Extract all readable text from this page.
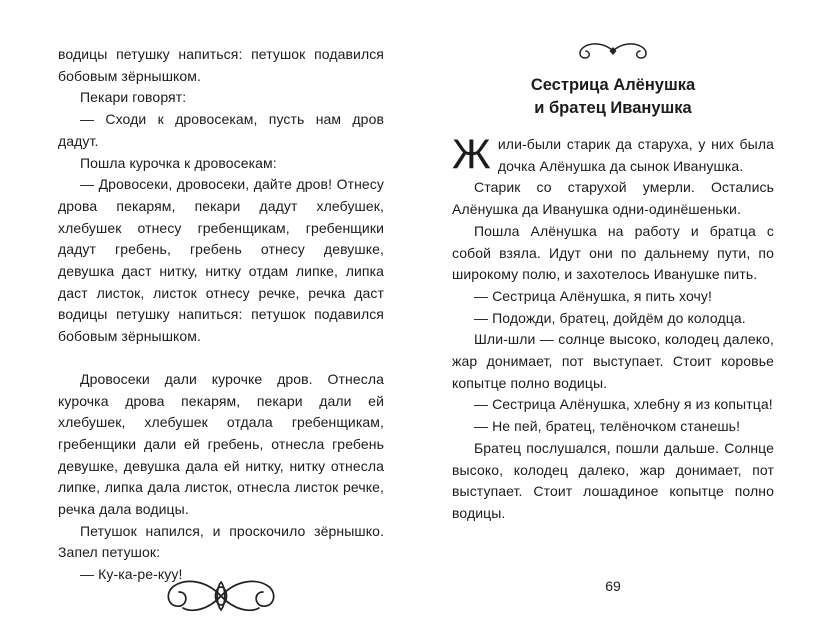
водицы петушку напиться: петушок подавился бобовым зёрнышком.

Пекари говорят:

— Сходи к дровосекам, пусть нам дров дадут.

Пошла курочка к дровосекам:

— Дровосеки, дровосеки, дайте дров! Отнесу дрова пекарям, пекари дадут хлебушек, хлебушек отнесу гребенщикам, гребенщики дадут гребень, гребень отнесу девушке, девушка даст нитку, нитку отдам липке, липка даст листок, листок отнесу речке, речка даст водицы петушку напиться: петушок подавился бобовым зёрнышком.

Дровосеки дали курочке дров. Отнесла курочка дрова пекарям, пекари дали ей хлебушек, хлебушек отдала гребенщикам, гребенщики дали ей гребень, отнесла гребень девушке, девушка дала ей нитку, нитку отнесла липке, липка дала листок, отнесла листок речке, речка дала водицы.

Петушок напился, и проскочило зёрнышко. Запел петушок:

— Ку-ка-ре-куу!

Сестрица Алёнушка
и братец Иванушка

Жили-были старик да старуха, у них была дочка Алёнушка да сынок Иванушка.

Старик со старухой умерли. Остались Алёнушка да Иванушка одни-одинёшеньки.

Пошла Алёнушка на работу и братца с собой взяла. Идут они по дальнему пути, по широкому полю, и захотелось Иванушке пить.

— Сестрица Алёнушка, я пить хочу!

— Подожди, братец, дойдём до колодца.

Шли-шли — солнце высоко, колодец далеко, жар донимает, пот выступает. Стоит коровье копытце полно водицы.

— Сестрица Алёнушка, хлебну я из копытца!

— Не пей, братец, телёночком станешь!

Братец послушался, пошли дальше. Солнце высоко, колодец далеко, жар донимает, пот выступает. Стоит лошадиное копытце полно водицы.

69
